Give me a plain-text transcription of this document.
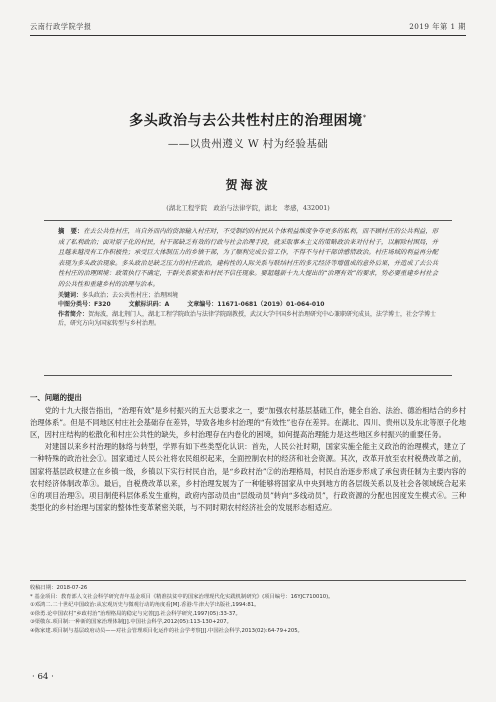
云南行政学院学报	2019 年第 1 期
多头政治与去公共性村庄的治理困境*
——以贵州遵义 W 村为经验基础
贺海波
(湖北工程学院　政治与法律学院，湖北　孝感，432001)
摘　要：在去公共性村庄，当自外而内的资源输入村庄时，不受制约的村民从个体利益维度争夺更多的私利，而不顾村庄的公共利益，形成了私利政治；面对原子化的村民，村干部缺乏有效的行政与社会治理手段，就采取事本主义的策略政治来对付村子，以解除村困局，并且越来越没有工作积极性；承受巨大体制压力的乡镇干部，为了顺利完成公管工作，不得不与村干部讲感情政治。村庄场域的利益再分配表现为多头政治现象。多头政治是缺乏压力的村庄政治，建构性的人际关系与联结村庄的多元经济等增值成的意外后果，并造成了去公共性村庄的治理困境：政策执行不确定，干群关系紧张和村民不信任现象。要超越新十九大提出的“治理有效”的要求，势必要重建乡村社会的公共性和重建乡村的治理与治本。
关键词：多头政治；去公共性村庄；治理困境
中图分类号：F320	文献标识码：A	文章编号：11671-0681（2019）01-064-010
作者简介：贺海波，湖北荆门人，湖北工程学院政治与法律学院副教授，武汉大学中国乡村治理研究中心兼职研究成员，法学博士，社会学博士后，研究方向为国家转型与乡村治理。
一、问题的提出

党的十九大报告指出，“治理有效”是乡村振兴的五大总要求之一，要“加强农村基层基础工作，健全自治、法治、德治相结合的乡村治理体系”。但是不同地区村庄社会基础存在差异，导致各地乡村治理的“有效性”也存在差异。在湖北、四川、贵州以及东北等原子化地区，因村庄结构的松散化和村庄公共性的缺失，乡村治理存在内卷化的困境，如何提高治理能力是这些地区乡村振兴的重要任务。

对建国以来乡村治理的脉络与转型，学界有如下些类型化认识：首先，人民公社时期，国家实施全能主义政治的治理模式，建立了一种特殊的政治社会①。国家通过人民公社将农民组织起来，全面控制农村的经济和社会资源。其次，改革开放至农村税费改革之前，国家将基层政权建立在乡镇一级，乡镇以下实行村民自治，是“乡政村治”②的治理格局，村民自治逐步形成了承包责任制为主要内容的农村经济体制改革③。最后，自税费改革以来，乡村治理发展为了一种能够将国家从中央到地方的各层级关系以及社会各领域统合起来④的项目治理⑤。项目制使科层体系发生重构，政府内部动员由“层级动员”转向“多线动员”，行政资源的分配也因度发生模式⑥。三种类型化的乡村治理与国家的整体性变革紧密关联，与不同时期农村经济社会的发展形态相适应。

收稿日期：2018-07-26
* 基金项目：教育部人文社会科学研究青年基金项目《精准扶贫中的国家治理现代化实践机制研究》(项目编号：16YJC710010)。
①邓鸿二.二十世纪中国政治:从宏观历史与微观行动的角度看[M].香港:牛津大学出版社,1994:81。
②徐勇.论中国农村“乡政村治”治理格局的稳定与完善[J].社会科学研究,1997(05):33-37。
③渠敬东.项目制:一种新的国家治理体制[J].中国社会科学,2012(05):113-130+207。
④陈家建.项目制与基层政府动员——对社会管理项目化运作的社会学考察[J].中国社会科学,2013(02):64-79+205。
· 64 ·
